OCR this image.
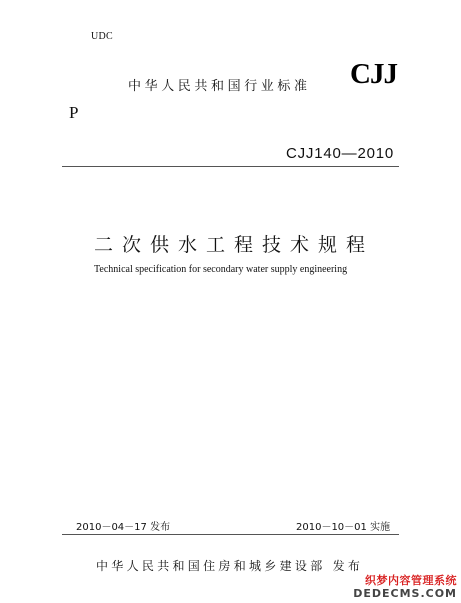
UDC
中华人民共和国行业标准 CJJ
P
CJJ140—2010
二次供水工程技术规程
Technical specification for secondary water supply engineering
2010－04－17 发布	2010－10－01 实施
中华人民共和国住房和城乡建设部 发布
织梦内容管理系统
DEDECMS.COM
